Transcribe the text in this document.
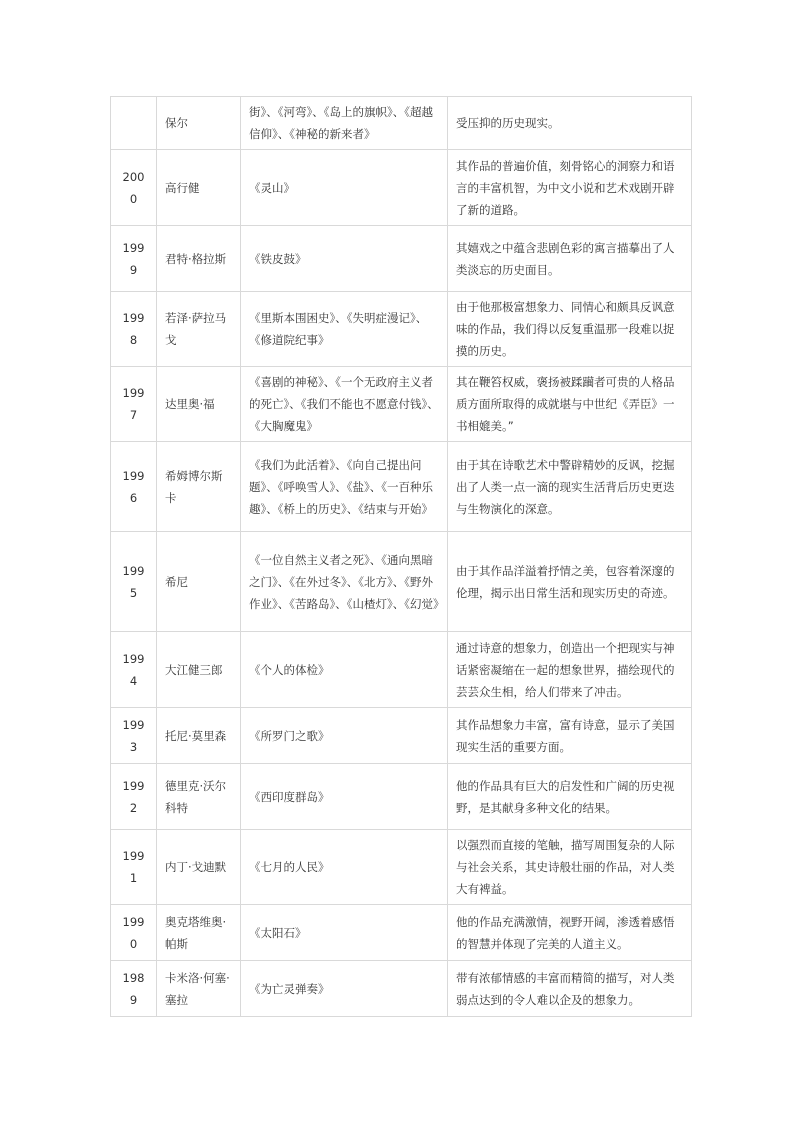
	保尔	街》、《河弯》、《岛上的旗帜》、《超越信仰》、《神秘的新来者》	受压抑的历史现实。
2000	高行健	《灵山》	其作品的普遍价值，刻骨铭心的洞察力和语言的丰富机智，为中文小说和艺术戏剧开辟了新的道路。
1999	君特·格拉斯	《铁皮鼓》	其嬉戏之中蕴含悲剧色彩的寓言描摹出了人类淡忘的历史面目。
1998	若泽·萨拉马戈	《里斯本围困史》、《失明症漫记》、《修道院纪事》	由于他那极富想象力、同情心和颇具反讽意味的作品，我们得以反复重温那一段难以捉摸的历史。
1997	达里奥·福	《喜剧的神秘》、《一个无政府主义者的死亡》、《我们不能也不愿意付钱》、《大胸魔鬼》	其在鞭笞权威，褒扬被蹂躏者可贵的人格品质方面所取得的成就堪与中世纪《弄臣》一书相媲美。”
1996	希姆博尔斯卡	《我们为此活着》、《向自己提出问题》、《呼唤雪人》、《盐》、《一百种乐趣》、《桥上的历史》、《结束与开始》	由于其在诗歌艺术中警辟精妙的反讽，挖掘出了人类一点一滴的现实生活背后历史更迭与生物演化的深意。
1995	希尼	《一位自然主义者之死》、《通向黑暗之门》、《在外过冬》、《北方》、《野外作业》、《苦路岛》、《山楂灯》、《幻觉》	由于其作品洋溢着抒情之美，包容着深邃的伦理，揭示出日常生活和现实历史的奇迹。
1994	大江健三郎	《个人的体检》	通过诗意的想象力，创造出一个把现实与神话紧密凝缩在一起的想象世界，描绘现代的芸芸众生相，给人们带来了冲击。
1993	托尼·莫里森	《所罗门之歌》	其作品想象力丰富，富有诗意，显示了美国现实生活的重要方面。
1992	德里克·沃尔科特	《西印度群岛》	他的作品具有巨大的启发性和广阔的历史视野，是其献身多种文化的结果。
1991	内丁·戈迪默	《七月的人民》	以强烈而直接的笔触，描写周围复杂的人际与社会关系，其史诗般壮丽的作品，对人类大有裨益。
1990	奥克塔维奥·帕斯	《太阳石》	他的作品充满激情，视野开阔，渗透着感悟的智慧并体现了完美的人道主义。
1989	卡米洛·何塞·塞拉	《为亡灵弹奏》	带有浓郁情感的丰富而精简的描写，对人类弱点达到的令人难以企及的想象力。
